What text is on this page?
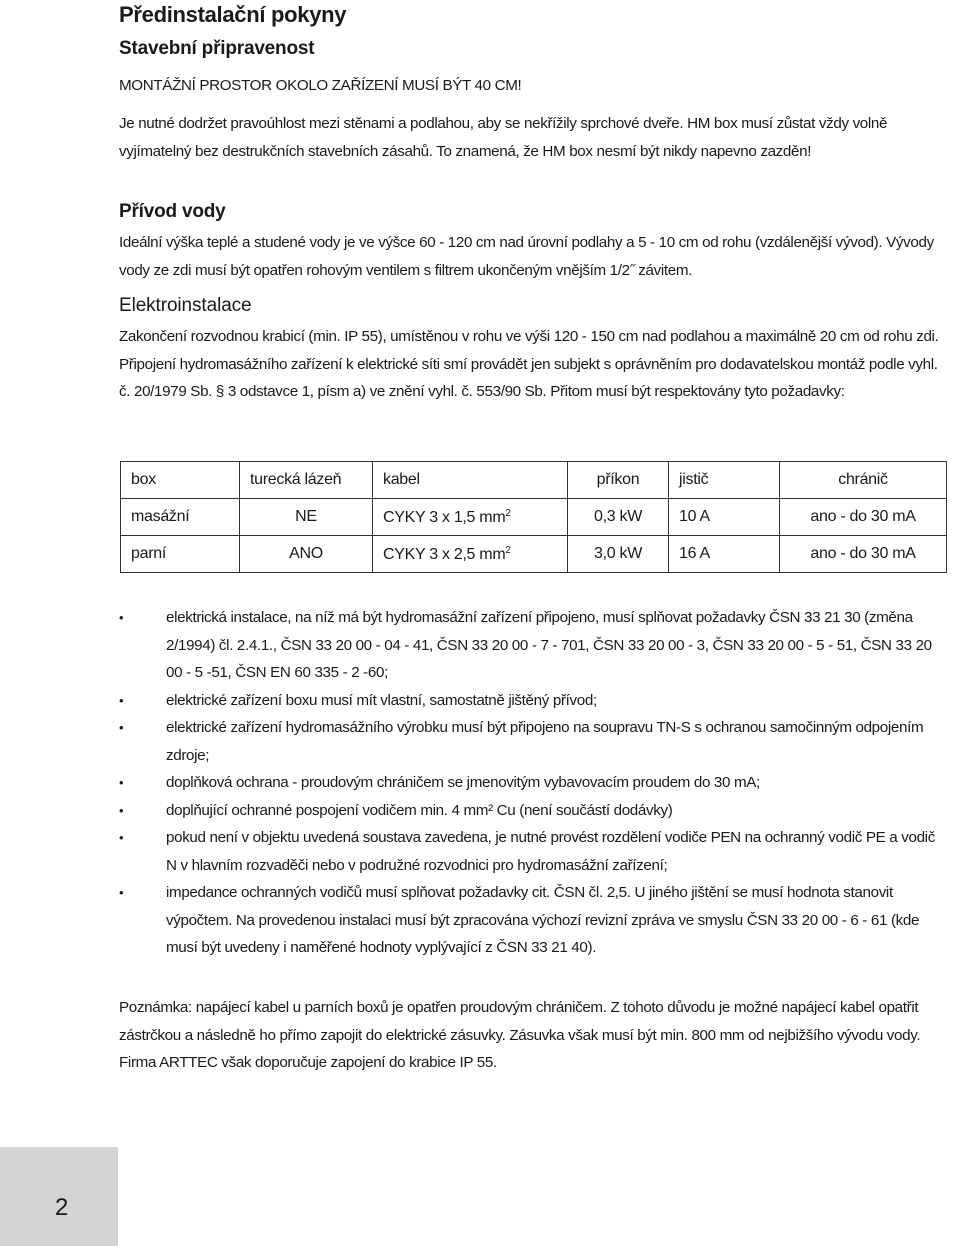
Předinstalační pokyny
Stavební připravenost

MONTÁŽNÍ PROSTOR OKOLO ZAŘÍZENÍ MUSÍ BÝT 40 CM!

Je nutné dodržet pravoúhlost mezi stěnami a podlahou, aby se nekřížily sprchové dveře. HM box musí zůstat vždy volně vyjímatelný bez destrukčních stavebních zásahů. To znamená, že HM box nesmí být nikdy napevno zazděn!

Přívod vody

Ideální výška teplé a studené vody je ve výšce 60 - 120 cm nad úrovní podlahy a 5 - 10 cm od rohu (vzdálenější vývod). Vývody vody ze zdi musí být opatřen rohovým ventilem s filtrem ukončeným vnějším 1/2˝ závitem.

Elektroinstalace

Zakončení rozvodnou krabicí (min. IP 55), umístěnou v rohu ve výši 120 - 150 cm nad podlahou a maximálně 20 cm od rohu zdi. Připojení hydromasážního zařízení k elektrické síti smí provádět jen subjekt s oprávněním pro dodavatelskou montáž podle vyhl. č. 20/1979 Sb. § 3 odstavce 1, písm a) ve znění vyhl. č. 553/90 Sb. Přitom musí být respektovány tyto požadavky:

box	turecká lázeň	kabel	příkon	jistič	chránič
masážní	NE	CYKY 3 x 1,5 $mm^2$	0,3 kW	10 A	ano - do 30 mA
parní	ANO	CYKY 3 x 2,5 $mm^2$	3,0 kW	16 A	ano - do 30 mA
•	elektrická instalace, na níž má být hydromasážní zařízení připojeno, musí splňovat požadavky ČSN 33 21 30 (změna 2/1994) čl. 2.4.1., ČSN 33 20 00 - 04 - 41, ČSN 33 20 00 - 7 - 701, ČSN 33 20 00 - 3, ČSN 33 20 00 - 5 - 51, ČSN 33 20 00 - 5 -51, ČSN EN 60 335 - 2 -60;
•	elektrické zařízení boxu musí mít vlastní, samostatně jištěný přívod;
•	elektrické zařízení hydromasážního výrobku musí být připojeno na soupravu TN-S s ochranou samočinným odpojením zdroje;
•	doplňková ochrana - proudovým chráničem se jmenovitým vybavovacím proudem do 30 mA;
•	doplňující ochranné pospojení vodičem min. 4 mm² Cu (není součástí dodávky)
•	pokud není v objektu uvedená soustava zavedena, je nutné provést rozdělení vodiče PEN na ochranný vodič PE a vodič N v hlavním rozvaděči nebo v podružné rozvodnici pro hydromasážní zařízení;
•	impedance ochranných vodičů musí splňovat požadavky cit. ČSN čl. 2,5. U jiného jištění se musí hodnota stanovit výpočtem. Na provedenou instalaci musí být zpracována výchozí revizní zpráva ve smyslu ČSN 33 20 00 - 6 - 61 (kde musí být uvedeny i naměřené hodnoty vyplývající z ČSN 33 21 40).

Poznámka: napájecí kabel u parních boxů je opatřen proudovým chráničem. Z tohoto důvodu je možné napájecí kabel opatřit zástrčkou a následně ho přímo zapojit do elektrické zásuvky. Zásuvka však musí být min. 800 mm od nejbižšího vývodu vody. Firma ARTTEC však doporučuje zapojení do krabice IP 55.

2
